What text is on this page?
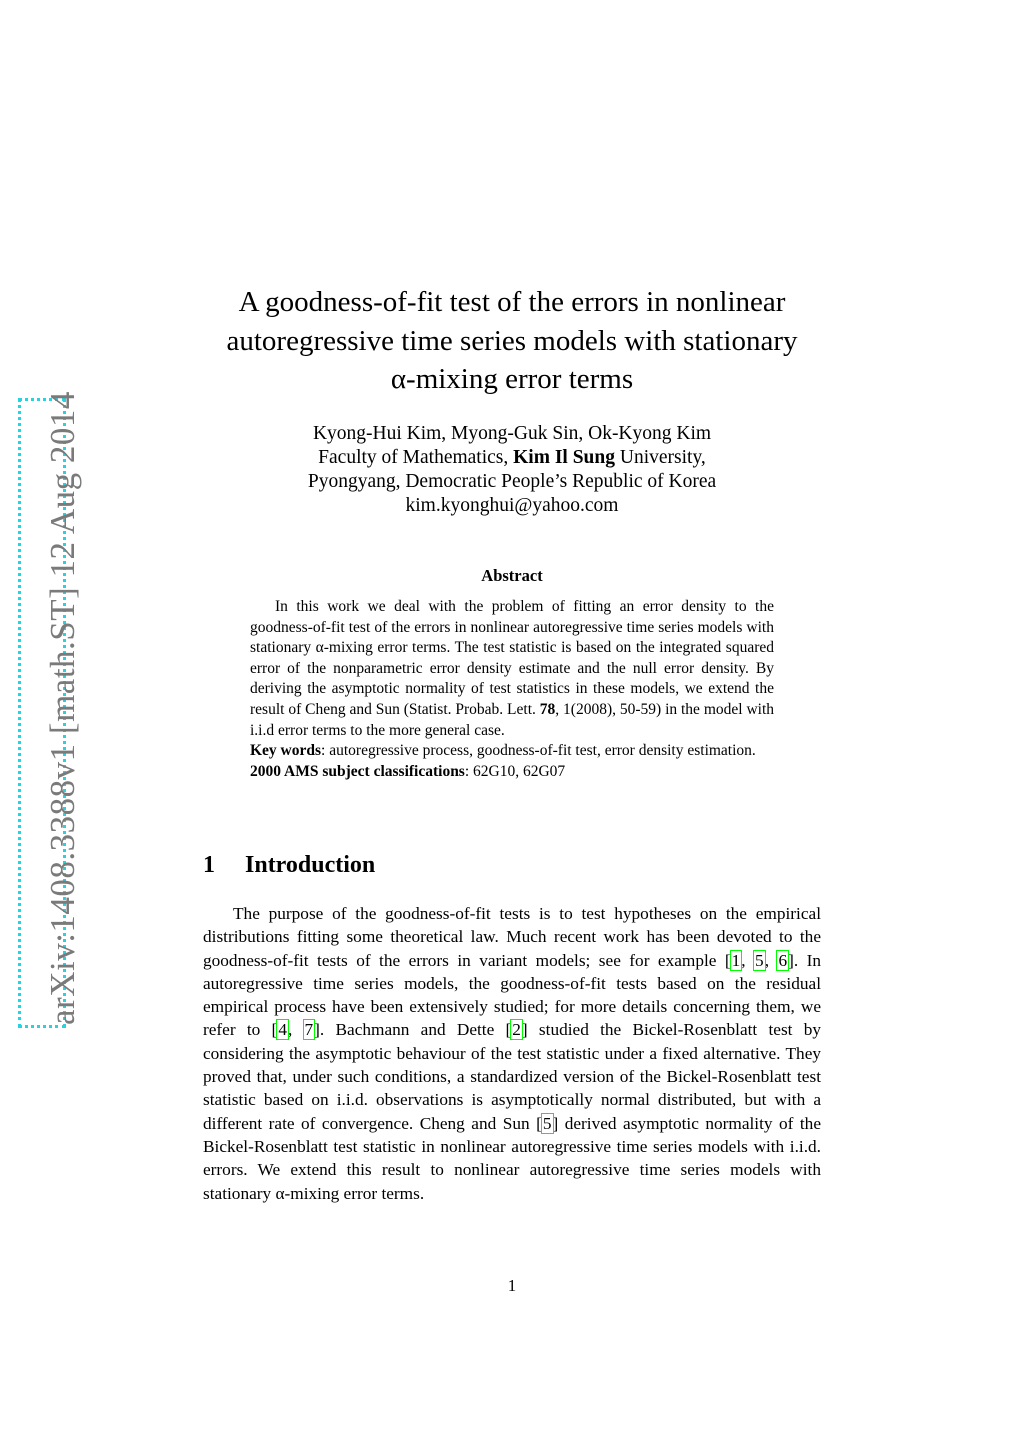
arXiv:1408.3388v1 [math.ST] 12 Aug 2014
A goodness-of-fit test of the errors in nonlinear
autoregressive time series models with stationary
α-mixing error terms
Kyong-Hui Kim, Myong-Guk Sin, Ok-Kyong Kim
Faculty of Mathematics, Kim Il Sung University,
Pyongyang, Democratic People’s Republic of Korea
kim.kyonghui@yahoo.com
Abstract

In this work we deal with the problem of fitting an error density to the goodness-of-fit test of the errors in nonlinear autoregressive time series models with stationary α-mixing error terms. The test statistic is based on the integrated squared error of the nonparametric error density estimate and the null error density. By deriving the asymptotic normality of test statistics in these models, we extend the result of Cheng and Sun (Statist. Probab. Lett. 78, 1(2008), 50-59) in the model with i.i.d error terms to the more general case.

Key words: autoregressive process, goodness-of-fit test, error density estimation.

2000 AMS subject classifications: 62G10, 62G07

1 Introduction

The purpose of the goodness-of-fit tests is to test hypotheses on the empirical distributions fitting some theoretical law. Much recent work has been devoted to the goodness-of-fit tests of the errors in variant models; see for example [1, 5, 6]. In autoregressive time series models, the goodness-of-fit tests based on the residual empirical process have been extensively studied; for more details concerning them, we refer to [4, 7]. Bachmann and Dette [2] studied the Bickel-Rosenblatt test by considering the asymptotic behaviour of the test statistic under a fixed alternative. They proved that, under such conditions, a standardized version of the Bickel-Rosenblatt test statistic based on i.i.d. observations is asymptotically normal distributed, but with a different rate of convergence. Cheng and Sun [5] derived asymptotic normality of the Bickel-Rosenblatt test statistic in nonlinear autoregressive time series models with i.i.d. errors. We extend this result to nonlinear autoregressive time series models with stationary α-mixing error terms.

1
